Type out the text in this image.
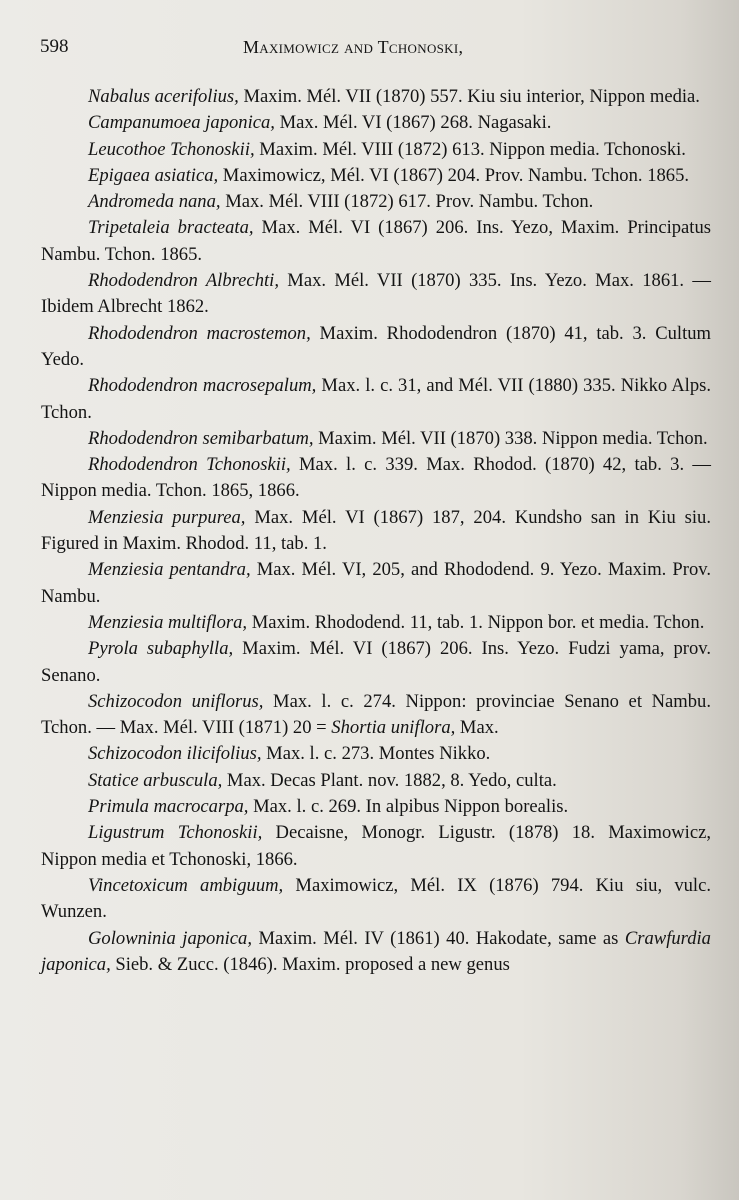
598	Maximowicz and Tchonoski,

Nabalus acerifolius, Maxim. Mél. VII (1870) 557. Kiu siu interior, Nippon media.

Campanumoea japonica, Max. Mél. VI (1867) 268. Nagasaki.

Leucothoe Tchonoskii, Maxim. Mél. VIII (1872) 613. Nippon media. Tchonoski.

Epigaea asiatica, Maximowicz, Mél. VI (1867) 204. Prov. Nambu. Tchon. 1865.

Andromeda nana, Max. Mél. VIII (1872) 617. Prov. Nambu. Tchon.

Tripetaleia bracteata, Max. Mél. VI (1867) 206. Ins. Yezo, Maxim. Principatus Nambu. Tchon. 1865.

Rhododendron Albrechti, Max. Mél. VII (1870) 335. Ins. Yezo. Max. 1861. — Ibidem Albrecht 1862.

Rhododendron macrostemon, Maxim. Rhododendron (1870) 41, tab. 3. Cultum Yedo.

Rhododendron macrosepalum, Max. l. c. 31, and Mél. VII (1880) 335. Nikko Alps. Tchon.

Rhododendron semibarbatum, Maxim. Mél. VII (1870) 338. Nippon media. Tchon.

Rhododendron Tchonoskii, Max. l. c. 339. Max. Rhodod. (1870) 42, tab. 3. — Nippon media. Tchon. 1865, 1866.

Menziesia purpurea, Max. Mél. VI (1867) 187, 204. Kundsho san in Kiu siu. Figured in Maxim. Rhodod. 11, tab. 1.

Menziesia pentandra, Max. Mél. VI, 205, and Rhododend. 9. Yezo. Maxim. Prov. Nambu.

Menziesia multiflora, Maxim. Rhododend. 11, tab. 1. Nippon bor. et media. Tchon.

Pyrola subaphylla, Maxim. Mél. VI (1867) 206. Ins. Yezo. Fudzi yama, prov. Senano.

Schizocodon uniflorus, Max. l. c. 274. Nippon: provinciae Senano et Nambu. Tchon. — Max. Mél. VIII (1871) 20 = Shortia uniflora, Max.

Schizocodon ilicifolius, Max. l. c. 273. Montes Nikko.

Statice arbuscula, Max. Decas Plant. nov. 1882, 8. Yedo, culta.

Primula macrocarpa, Max. l. c. 269. In alpibus Nippon borealis.

Ligustrum Tchonoskii, Decaisne, Monogr. Ligustr. (1878) 18. Maximowicz, Nippon media et Tchonoski, 1866.

Vincetoxicum ambiguum, Maximowicz, Mél. IX (1876) 794. Kiu siu, vulc. Wunzen.

Golowninia japonica, Maxim. Mél. IV (1861) 40. Hakodate, same as Crawfurdia japonica, Sieb. & Zucc. (1846). Maxim. proposed a new genus
